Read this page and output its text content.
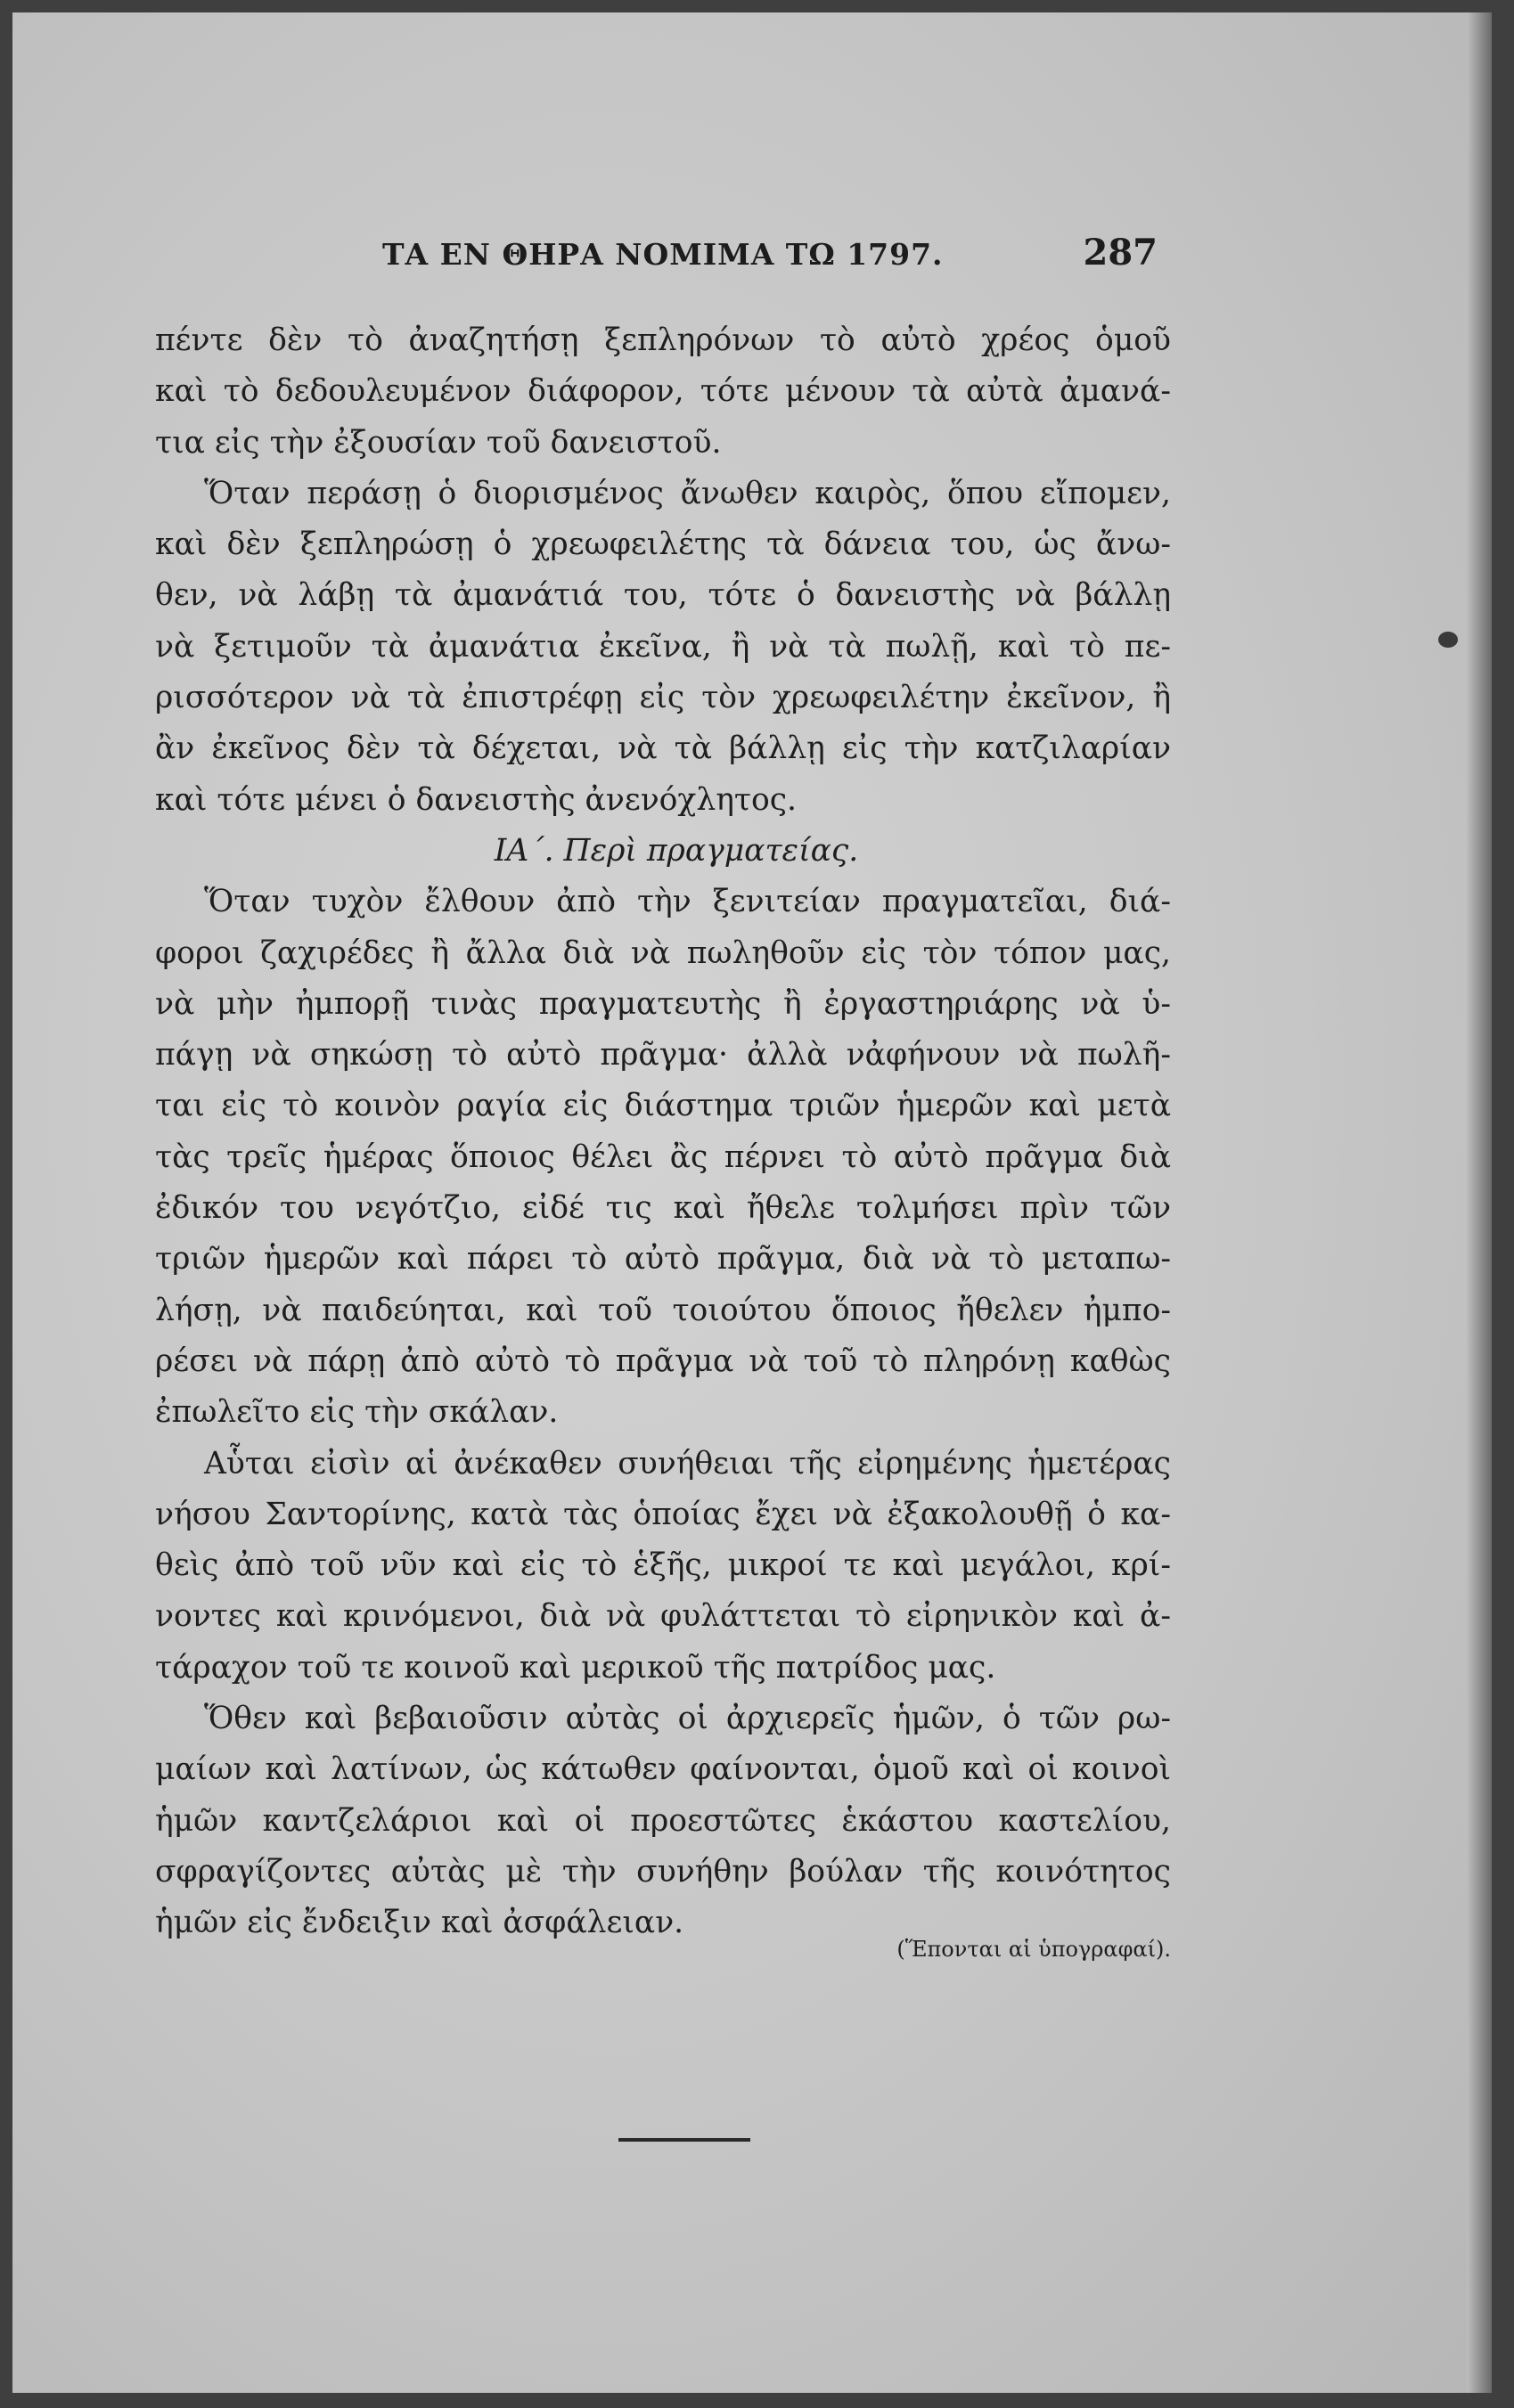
ΤΑ ΕΝ ΘΗΡΑ ΝΟΜΙΜΑ ΤΩ 1797.	287
πέντε δὲν τὸ ἀναζητήσῃ ξεπληρόνων τὸ αὐτὸ χρέος ὁμοῦ
καὶ τὸ δεδουλευμένον διάφορον, τότε μένουν τὰ αὐτὰ ἀμανά-
τια εἰς τὴν ἐξουσίαν τοῦ δανειστοῦ.
Ὅταν περάσῃ ὁ διορισμένος ἄνωθεν καιρὸς, ὅπου εἴπομεν,
καὶ δὲν ξεπληρώσῃ ὁ χρεωφειλέτης τὰ δάνεια του, ὡς ἄνω-
θεν, νὰ λάβῃ τὰ ἀμανάτιά του, τότε ὁ δανειστὴς νὰ βάλλῃ
νὰ ξετιμοῦν τὰ ἀμανάτια ἐκεῖνα, ἢ νὰ τὰ πωλῇ, καὶ τὸ πε-
ρισσότερον νὰ τὰ ἐπιστρέφῃ εἰς τὸν χρεωφειλέτην ἐκεῖνον, ἢ
ἂν ἐκεῖνος δὲν τὰ δέχεται, νὰ τὰ βάλλῃ εἰς τὴν κατζιλαρίαν
καὶ τότε μένει ὁ δανειστὴς ἀνενόχλητος.
ΙΑ΄. Περὶ πραγματείας.
Ὅταν τυχὸν ἔλθουν ἀπὸ τὴν ξενιτείαν πραγματεῖαι, διά-
φοροι ζαχιρέδες ἢ ἄλλα διὰ νὰ πωληθοῦν εἰς τὸν τόπον μας,
νὰ μὴν ἠμπορῇ τινὰς πραγματευτὴς ἢ ἐργαστηριάρης νὰ ὑ-
πάγῃ νὰ σηκώσῃ τὸ αὐτὸ πρᾶγμα· ἀλλὰ νἀφήνουν νὰ πωλῆ-
ται εἰς τὸ κοινὸν ραγία εἰς διάστημα τριῶν ἡμερῶν καὶ μετὰ
τὰς τρεῖς ἡμέρας ὅποιος θέλει ἂς πέρνει τὸ αὐτὸ πρᾶγμα διὰ
ἐδικόν του νεγότζιο, εἰδέ τις καὶ ἤθελε τολμήσει πρὶν τῶν
τριῶν ἡμερῶν καὶ πάρει τὸ αὐτὸ πρᾶγμα, διὰ νὰ τὸ μεταπω-
λήσῃ, νὰ παιδεύηται, καὶ τοῦ τοιούτου ὅποιος ἤθελεν ἠμπο-
ρέσει νὰ πάρῃ ἀπὸ αὐτὸ τὸ πρᾶγμα νὰ τοῦ τὸ πληρόνῃ καθὼς
ἐπωλεῖτο εἰς τὴν σκάλαν.
Αὗται εἰσὶν αἱ ἀνέκαθεν συνήθειαι τῆς εἰρημένης ἡμετέρας
νήσου Σαντορίνης, κατὰ τὰς ὁποίας ἔχει νὰ ἐξακολουθῇ ὁ κα-
θεὶς ἀπὸ τοῦ νῦν καὶ εἰς τὸ ἑξῆς, μικροί τε καὶ μεγάλοι, κρί-
νοντες καὶ κρινόμενοι, διὰ νὰ φυλάττεται τὸ εἰρηνικὸν καὶ ἀ-
τάραχον τοῦ τε κοινοῦ καὶ μερικοῦ τῆς πατρίδος μας.
Ὅθεν καὶ βεβαιοῦσιν αὐτὰς οἱ ἀρχιερεῖς ἡμῶν, ὁ τῶν ρω-
μαίων καὶ λατίνων, ὡς κάτωθεν φαίνονται, ὁμοῦ καὶ οἱ κοινοὶ
ἡμῶν καντζελάριοι καὶ οἱ προεστῶτες ἑκάστου καστελίου,
σφραγίζοντες αὐτὰς μὲ τὴν συνήθην βούλαν τῆς κοινότητος
ἡμῶν εἰς ἔνδειξιν καὶ ἀσφάλειαν.
(Ἕπονται αἱ ὑπογραφαί).
